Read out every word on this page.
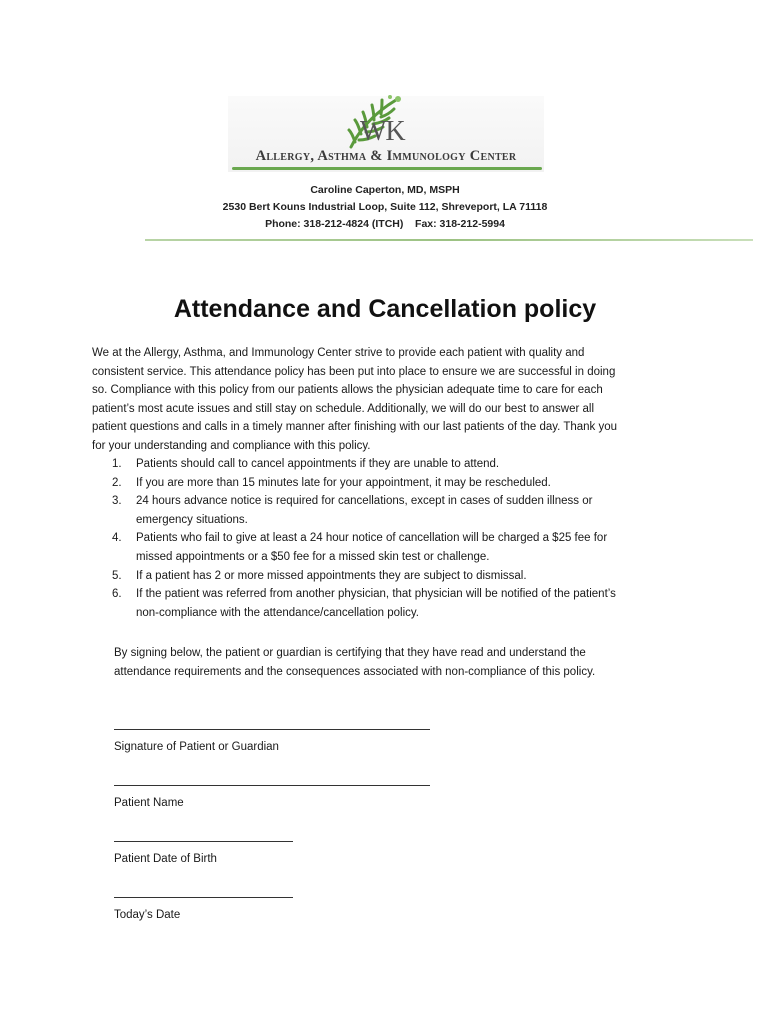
WK
Allergy, Asthma & Immunology Center
Caroline Caperton, MD, MSPH
2530 Bert Kouns Industrial Loop, Suite 112, Shreveport, LA 71118
Phone: 318-212-4824 (ITCH)    Fax: 318-212-5994
Attendance and Cancellation policy

We at the Allergy, Asthma, and Immunology Center strive to provide each patient with quality and

consistent service. This attendance policy has been put into place to ensure we are successful in doing

so. Compliance with this policy from our patients allows the physician adequate time to care for each

patient’s most acute issues and still stay on schedule. Additionally, we will do our best to answer all

patient questions and calls in a timely manner after finishing with our last patients of the day. Thank you

for your understanding and compliance with this policy.

1. Patients should call to cancel appointments if they are unable to attend.
2. If you are more than 15 minutes late for your appointment, it may be rescheduled.
3. 24 hours advance notice is required for cancellations, except in cases of sudden illness or
emergency situations.
4. Patients who fail to give at least a 24 hour notice of cancellation will be charged a $25 fee for
missed appointments or a $50 fee for a missed skin test or challenge.
5. If a patient has 2 or more missed appointments they are subject to dismissal.
6. If the patient was referred from another physician, that physician will be notified of the patient’s
non-compliance with the attendance/cancellation policy.
By signing below, the patient or guardian is certifying that they have read and understand the
attendance requirements and the consequences associated with non-compliance of this policy.
Signature of Patient or Guardian
Patient Name
Patient Date of Birth
Today’s Date
